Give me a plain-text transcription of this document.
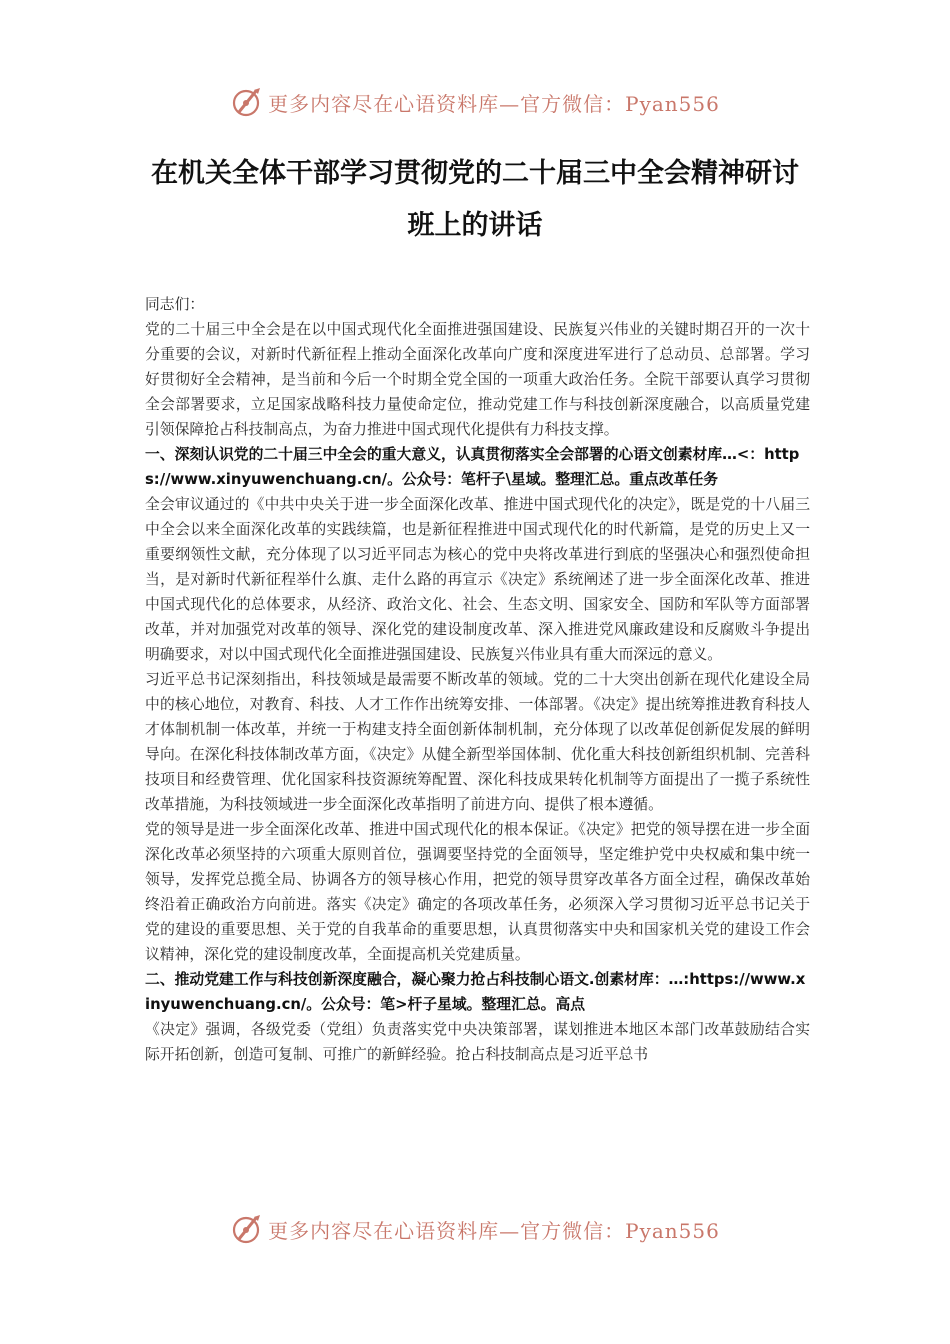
更多内容尽在心语资料库—官方微信：Pyan556
在机关全体干部学习贯彻党的二十届三中全会精神研讨班上的讲话

同志们：

党的二十届三中全会是在以中国式现代化全面推进强国建设、民族复兴伟业的关键时期召开的一次十分重要的会议，对新时代新征程上推动全面深化改革向广度和深度进军进行了总动员、总部署。学习好贯彻好全会精神，是当前和今后一个时期全党全国的一项重大政治任务。全院干部要认真学习贯彻全会部署要求，立足国家战略科技力量使命定位，推动党建工作与科技创新深度融合，以高质量党建引领保障抢占科技制高点，为奋力推进中国式现代化提供有力科技支撑。

一、深刻认识党的二十届三中全会的重大意义，认真贯彻落实全会部署的心语文创素材库…<：https://www.xinyuwenchuang.cn/。公众号：笔杆子\星域。整理汇总。重点改革任务

全会审议通过的《中共中央关于进一步全面深化改革、推进中国式现代化的决定》，既是党的十八届三中全会以来全面深化改革的实践续篇，也是新征程推进中国式现代化的时代新篇，是党的历史上又一重要纲领性文献，充分体现了以习近平同志为核心的党中央将改革进行到底的坚强决心和强烈使命担当，是对新时代新征程举什么旗、走什么路的再宣示《决定》系统阐述了进一步全面深化改革、推进中国式现代化的总体要求，从经济、政治文化、社会、生态文明、国家安全、国防和军队等方面部署改革，并对加强党对改革的领导、深化党的建设制度改革、深入推进党风廉政建设和反腐败斗争提出明确要求，对以中国式现代化全面推进强国建设、民族复兴伟业具有重大而深远的意义。

习近平总书记深刻指出，科技领域是最需要不断改革的领域。党的二十大突出创新在现代化建设全局中的核心地位，对教育、科技、人才工作作出统筹安排、一体部署。《决定》提出统筹推进教育科技人才体制机制一体改革，并统一于构建支持全面创新体制机制，充分体现了以改革促创新促发展的鲜明导向。在深化科技体制改革方面，《决定》从健全新型举国体制、优化重大科技创新组织机制、完善科技项目和经费管理、优化国家科技资源统筹配置、深化科技成果转化机制等方面提出了一揽子系统性改革措施，为科技领域进一步全面深化改革指明了前进方向、提供了根本遵循。

党的领导是进一步全面深化改革、推进中国式现代化的根本保证。《决定》把党的领导摆在进一步全面深化改革必须坚持的六项重大原则首位，强调要坚持党的全面领导，坚定维护党中央权威和集中统一领导，发挥党总揽全局、协调各方的领导核心作用，把党的领导贯穿改革各方面全过程，确保改革始终沿着正确政治方向前进。落实《决定》确定的各项改革任务，必须深入学习贯彻习近平总书记关于党的建设的重要思想、关于党的自我革命的重要思想，认真贯彻落实中央和国家机关党的建设工作会议精神，深化党的建设制度改革，全面提高机关党建质量。

二、推动党建工作与科技创新深度融合，凝心聚力抢占科技制心语文.创素材库：…:https://www.xinyuwenchuang.cn/。公众号：笔>杆子星域。整理汇总。高点

《决定》强调，各级党委（党组）负责落实党中央决策部署，谋划推进本地区本部门改革鼓励结合实际开拓创新，创造可复制、可推广的新鲜经验。抢占科技制高点是习近平总书

更多内容尽在心语资料库—官方微信：Pyan556
